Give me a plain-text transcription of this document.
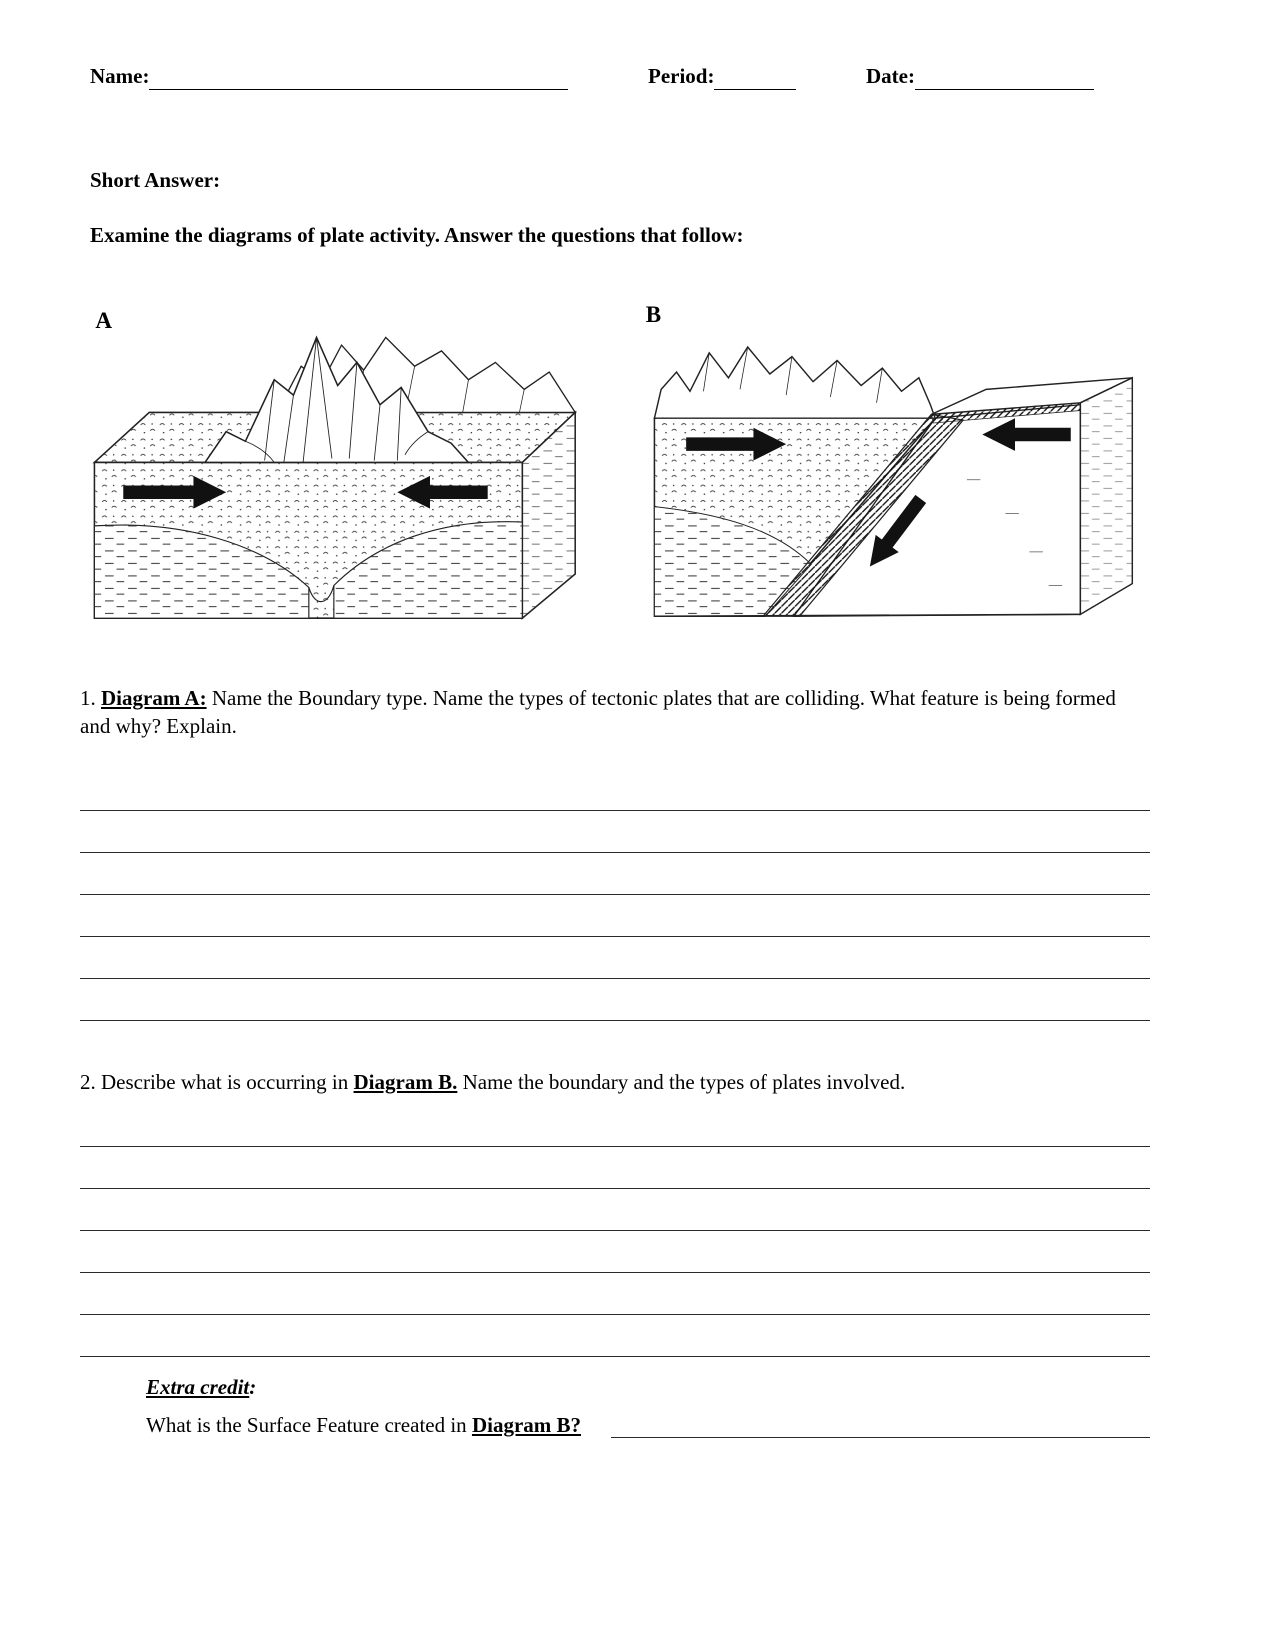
Name:	Period:	Date:
Short Answer:
Examine the diagrams of plate activity. Answer the questions that follow:
A	B
1. Diagram A: Name the Boundary type. Name the types of tectonic plates that are colliding. What feature is being formed and why? Explain.
2. Describe what is occurring in Diagram B. Name the boundary and the types of plates involved.
Extra credit:
What is the Surface Feature created in Diagram B?
